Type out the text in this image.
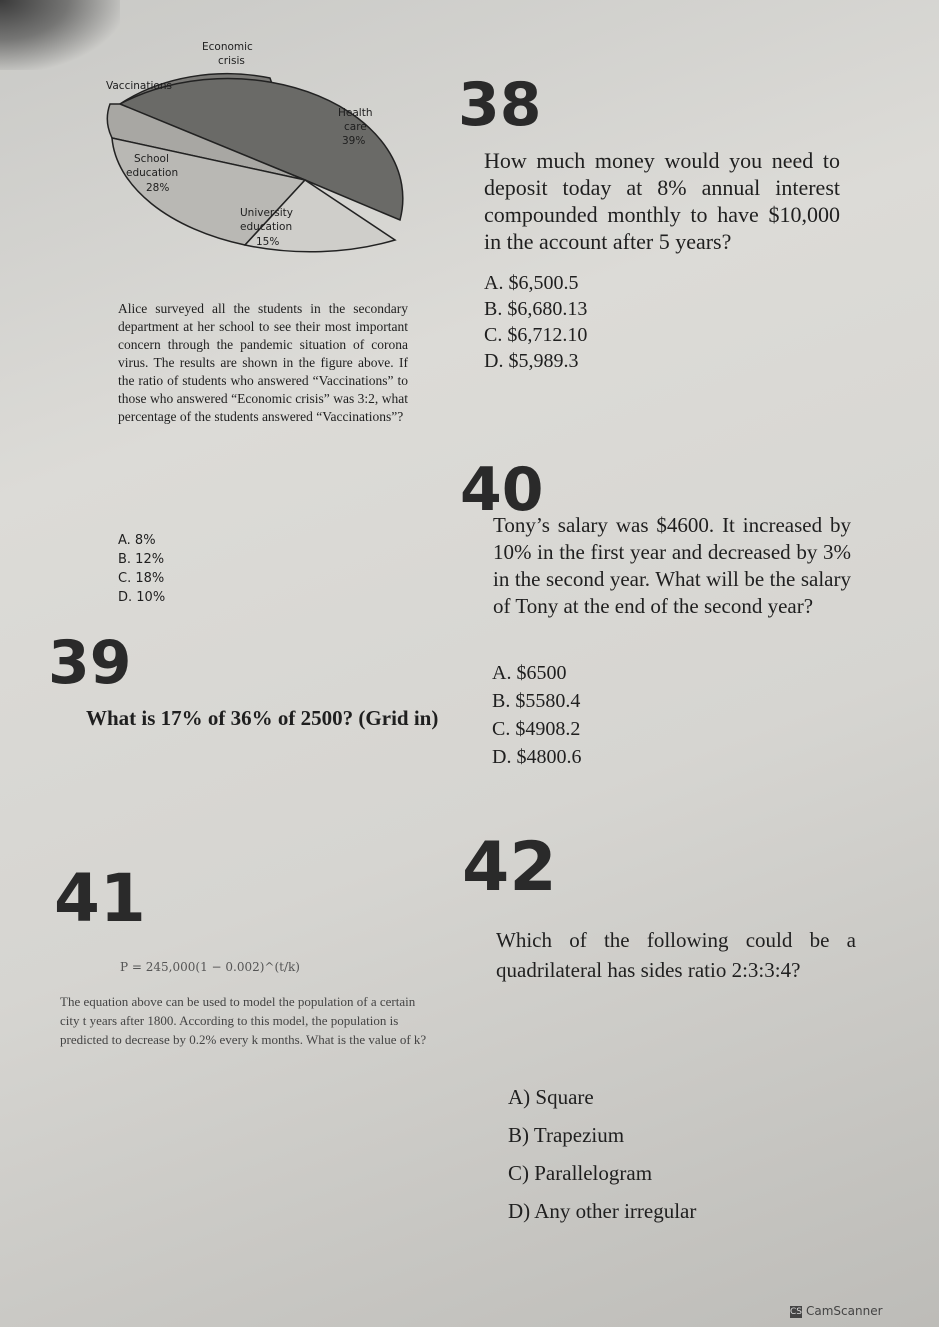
Economic
crisis
Vaccinations
Health
care
39%
School
education
28%
University
education
15%
Alice surveyed all the students in the secondary department at her school to see their most important concern through the pandemic situation of corona virus. The results are shown in the figure above. If the ratio of students who answered “Vaccinations” to those who answered “Economic crisis” was 3:2, what percentage of the students answered “Vaccinations”?
A. 8%
B. 12%
C. 18%
D. 10%
38
How much money would you need to deposit today at 8% annual interest compounded monthly to have $10,000 in the account after 5 years?
A. $6,500.5
B. $6,680.13
C. $6,712.10
D. $5,989.3
40
Tony’s salary was $4600. It increased by 10% in the first year and decreased by 3% in the second year. What will be the salary of Tony at the end of the second year?
A. $6500
B. $5580.4
C. $4908.2
D. $4800.6
39
What is 17% of 36% of 2500? (Grid in)
41
P = 245,000(1 − 0.002)^(t/k)
The equation above can be used to model the population of a certain city t years after 1800. According to this model, the population is predicted to decrease by 0.2% every k months. What is the value of k?
42
Which of the following could be a quadrilateral has sides ratio 2:3:3:4?
A) Square
B) Trapezium
C) Parallelogram
D) Any other irregular
CS CamScanner
